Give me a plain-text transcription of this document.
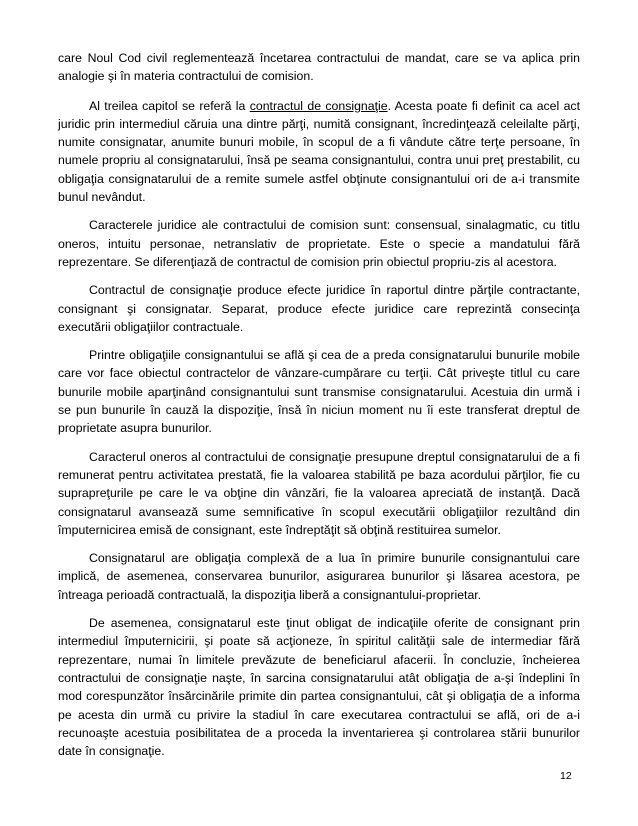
care Noul Cod civil reglementează încetarea contractului de mandat, care se va aplica prin analogie şi în materia contractului de comision.

Al treilea capitol se referă la contractul de consignaţie. Acesta poate fi definit ca acel act juridic prin intermediul căruia una dintre părţi, numită consignant, încredinţează celeilalte părţi, numite consignatar, anumite bunuri mobile, în scopul de a fi vândute către terţe persoane, în numele propriu al consignatarului, însă pe seama consignantului, contra unui preţ prestabilit, cu obligaţia consignatarului de a remite sumele astfel obţinute consignantului ori de a-i transmite bunul nevândut.

Caracterele juridice ale contractului de comision sunt: consensual, sinalagmatic, cu titlu oneros, intuitu personae, netranslativ de proprietate. Este o specie a mandatului fără reprezentare. Se diferenţiază de contractul de comision prin obiectul propriu-zis al acestora.

Contractul de consignaţie produce efecte juridice în raportul dintre părţile contractante, consignant şi consignatar. Separat, produce efecte juridice care reprezintă consecinţa executării obligaţiilor contractuale.

Printre obligaţiile consignantului se află şi cea de a preda consignatarului bunurile mobile care vor face obiectul contractelor de vânzare-cumpărare cu terţii. Cât priveşte titlul cu care bunurile mobile aparţinând consignantului sunt transmise consignatarului. Acestuia din urmă i se pun bunurile în cauză la dispoziţie, însă în niciun moment nu îi este transferat dreptul de proprietate asupra bunurilor.

Caracterul oneros al contractului de consignaţie presupune dreptul consignatarului de a fi remunerat pentru activitatea prestată, fie la valoarea stabilită pe baza acordului părţilor, fie cu suprapreţurile pe care le va obţine din vânzări, fie la valoarea apreciată de instanţă. Dacă consignatarul avansează sume semnificative în scopul executării obligaţiilor rezultând din împuternicirea emisă de consignant, este îndreptăţit să obţină restituirea sumelor.

Consignatarul are obligaţia complexă de a lua în primire bunurile consignantului care implică, de asemenea, conservarea bunurilor, asigurarea bunurilor şi lăsarea acestora, pe întreaga perioadă contractuală, la dispoziţia liberă a consignantului-proprietar.

De asemenea, consignatarul este ţinut obligat de indicaţiile oferite de consignant prin intermediul împuternicirii, şi poate să acţioneze, în spiritul calităţii sale de intermediar fără reprezentare, numai în limitele prevăzute de beneficiarul afacerii. În concluzie, încheierea contractului de consignaţie naşte, în sarcina consignatarului atât obligaţia de a-şi îndeplini în mod corespunzător însărcinările primite din partea consignantului, cât şi obligaţia de a informa pe acesta din urmă cu privire la stadiul în care executarea contractului se află, ori de a-i recunoaşte acestuia posibilitatea de a proceda la inventarierea şi controlarea stării bunurilor date în consignaţie.

12
